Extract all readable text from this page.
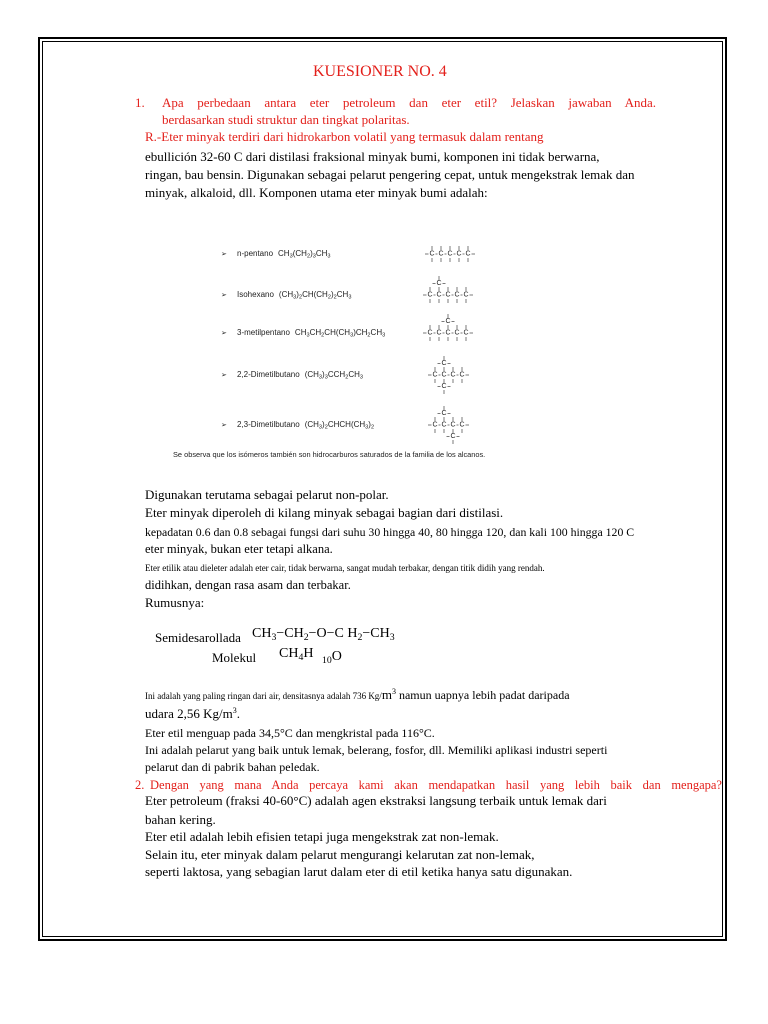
KUESIONER NO. 4
1. Apa perbedaan antara eter petroleum dan eter etil? Jelaskan jawaban Anda.
berdasarkan studi struktur dan tingkat polaritas.
R.-Eter minyak terdiri dari hidrokarbon volatil yang termasuk dalam rentang
ebullición 32-60 C dari distilasi fraksional minyak bumi, komponen ini tidak berwarna,
ringan, bau bensin. Digunakan sebagai pelarut pengering cepat, untuk mengekstrak lemak dan
minyak, alkaloid, dll. Komponen utama eter minyak bumi adalah:
➢n-pentano $CH_3(CH_2)_3CH_3$
➢Isohexano $(CH_3)_2CH(CH_2)_2CH_3$
➢3-metilpentano $CH_3CH_2CH(CH_3)CH_2CH_3$
➢2,2-Dimetilbutano $(CH_3)_3CCH_2CH_3$
➢2,3-Dimetilbutano $(CH_3)_2CHCH(CH_3)_2$
C C C C C
C C
C
C C C
C C C
C
C C
C C
C
C
C C
C C
C
C
C
C
Se observa que los isómeros también son hidrocarburos saturados de la familia de los alcanos.
Digunakan terutama sebagai pelarut non-polar.
Eter minyak diperoleh di kilang minyak sebagai bagian dari distilasi.
kepadatan 0.6 dan 0.8 sebagai fungsi dari suhu 30 hingga 40, 80 hingga 120, dan kali 100 hingga 120 C
eter minyak, bukan eter tetapi alkana.
Eter etilik atau dieleter adalah eter cair, tidak berwarna, sangat mudah terbakar, dengan titik didih yang rendah.
didihkan, dengan rasa asam dan terbakar.
Rumusnya:
Semidesarollada $CH_3-CH_2-O-C$ $H_2-CH_3$
Molekul $CH_4H$ $_{10}$O
Ini adalah yang paling ringan dari air, densitasnya adalah 736 $Kg/m^3$ namun uapnya lebih padat daripada
udara 2,56 $Kg/m^3$.
Eter etil menguap pada 34,5°C dan mengkristal pada 116°C.
Ini adalah pelarut yang baik untuk lemak, belerang, fosfor, dll. Memiliki aplikasi industri seperti
pelarut dan di pabrik bahan peledak.
2. Dengan yang mana Anda percaya kami akan mendapatkan hasil yang lebih baik dan mengapa?
Eter petroleum (fraksi 40-60°C) adalah agen ekstraksi langsung terbaik untuk lemak dari
bahan kering.
Eter etil adalah lebih efisien tetapi juga mengekstrak zat non-lemak.
Selain itu, eter minyak dalam pelarut mengurangi kelarutan zat non-lemak,
seperti laktosa, yang sebagian larut dalam eter di etil ketika hanya satu digunakan.
